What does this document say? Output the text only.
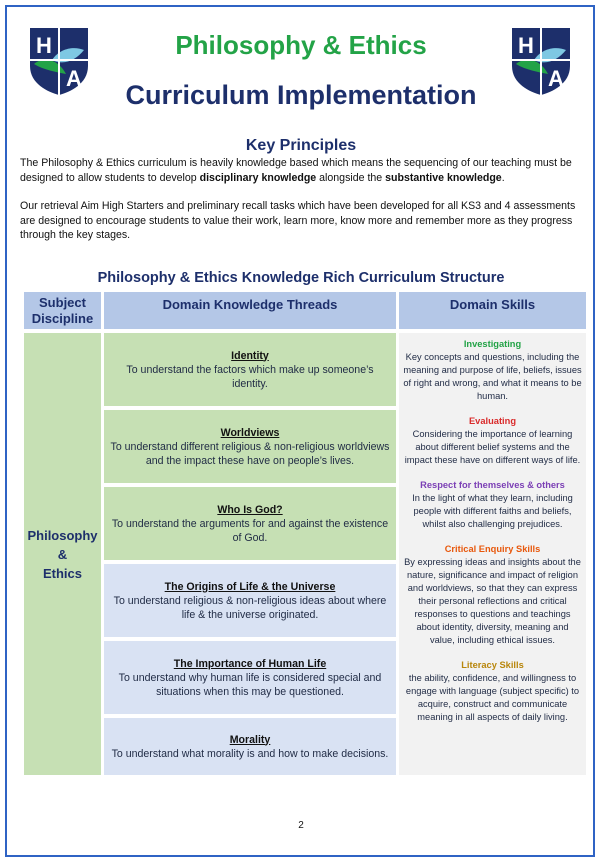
H
A
H
A
Philosophy & Ethics
Curriculum Implementation
Key Principles
The Philosophy & Ethics curriculum is heavily knowledge based which means the sequencing of our teaching must be designed to allow students to develop disciplinary knowledge alongside the substantive knowledge.
Our retrieval Aim High Starters and preliminary recall tasks which have been developed for all KS3 and 4 assessments are designed to encourage students to value their work, learn more, know more and remember more as they progress through the key stages.
Philosophy & Ethics Knowledge Rich Curriculum Structure
Subject
Discipline
Domain Knowledge Threads	Domain Skills
Philosophy
&
Ethics
Identity
To understand the factors which make up someone’s identity.
Worldviews
To understand different religious & non-religious worldviews and the impact these have on people’s lives.
Who Is God?
To understand the arguments for and against the existence of God.
The Origins of Life & the Universe
To understand religious & non-religious ideas about where life & the universe originated.
The Importance of Human Life
To understand why human life is considered special and situations when this may be questioned.
Morality
To understand what morality is and how to make decisions.
Investigating
Key concepts and questions, including the meaning and purpose of life, beliefs, issues of right and wrong, and what it means to be human.
Evaluating
Considering the importance of learning about different belief systems and the impact these have on different ways of life.
Respect for themselves & others
In the light of what they learn, including people with different faiths and beliefs, whilst also challenging prejudices.
Critical Enquiry Skills
By expressing ideas and insights about the nature, significance and impact of religion and worldviews, so that they can express their personal reflections and critical responses to questions and teachings about identity, diversity, meaning and value, including ethical issues.
Literacy Skills
the ability, confidence, and willingness to engage with language (subject specific) to acquire, construct and communicate meaning in all aspects of daily living.
2
